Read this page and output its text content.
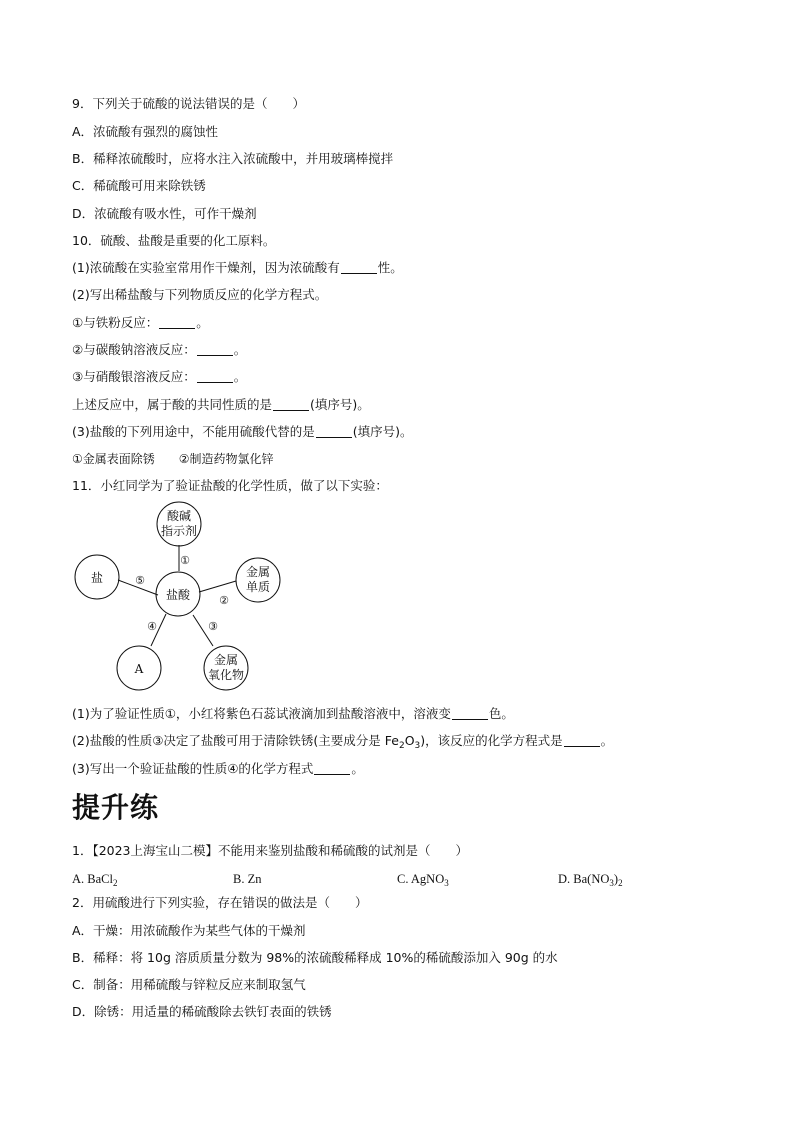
9．下列关于硫酸的说法错误的是（　　）
A．浓硫酸有强烈的腐蚀性
B．稀释浓硫酸时，应将水注入浓硫酸中，并用玻璃棒搅拌
C．稀硫酸可用来除铁锈
D．浓硫酸有吸水性，可作干燥剂
10．硫酸、盐酸是重要的化工原料。
(1)浓硫酸在实验室常用作干燥剂，因为浓硫酸有	性。
(2)写出稀盐酸与下列物质反应的化学方程式。
①与铁粉反应：	。
②与碳酸钠溶液反应：	。
③与硝酸银溶液反应：	。
上述反应中，属于酸的共同性质的是	(填序号)。
(3)盐酸的下列用途中，不能用硫酸代替的是	(填序号)。
①金属表面除锈　　②制造药物氯化锌
11．小红同学为了验证盐酸的化学性质，做了以下实验：
酸碱
指示剂
盐酸
金属
单质
金属
氧化物
A
盐
①
②
③
④
⑤
(1)为了验证性质①，小红将紫色石蕊试液滴加到盐酸溶液中，溶液变	色。
(2)盐酸的性质③决定了盐酸可用于清除铁锈(主要成分是 $Fe_2O_3$)，该反应的化学方程式是	。
(3)写出一个验证盐酸的性质④的化学方程式	。
提升练
1．【2023上海宝山二模】不能用来鉴别盐酸和稀硫酸的试剂是（　　）
A. BaCl$_2$	B. Zn	C. AgNO$_3$	D. $Ba(NO_3)_2$
2．用硫酸进行下列实验，存在错误的做法是（　　）
A．干燥：用浓硫酸作为某些气体的干燥剂
B．稀释：将 10g 溶质质量分数为 98%的浓硫酸稀释成 10%的稀硫酸添加入 90g 的水
C．制备：用稀硫酸与锌粒反应来制取氢气
D．除锈：用适量的稀硫酸除去铁钉表面的铁锈
